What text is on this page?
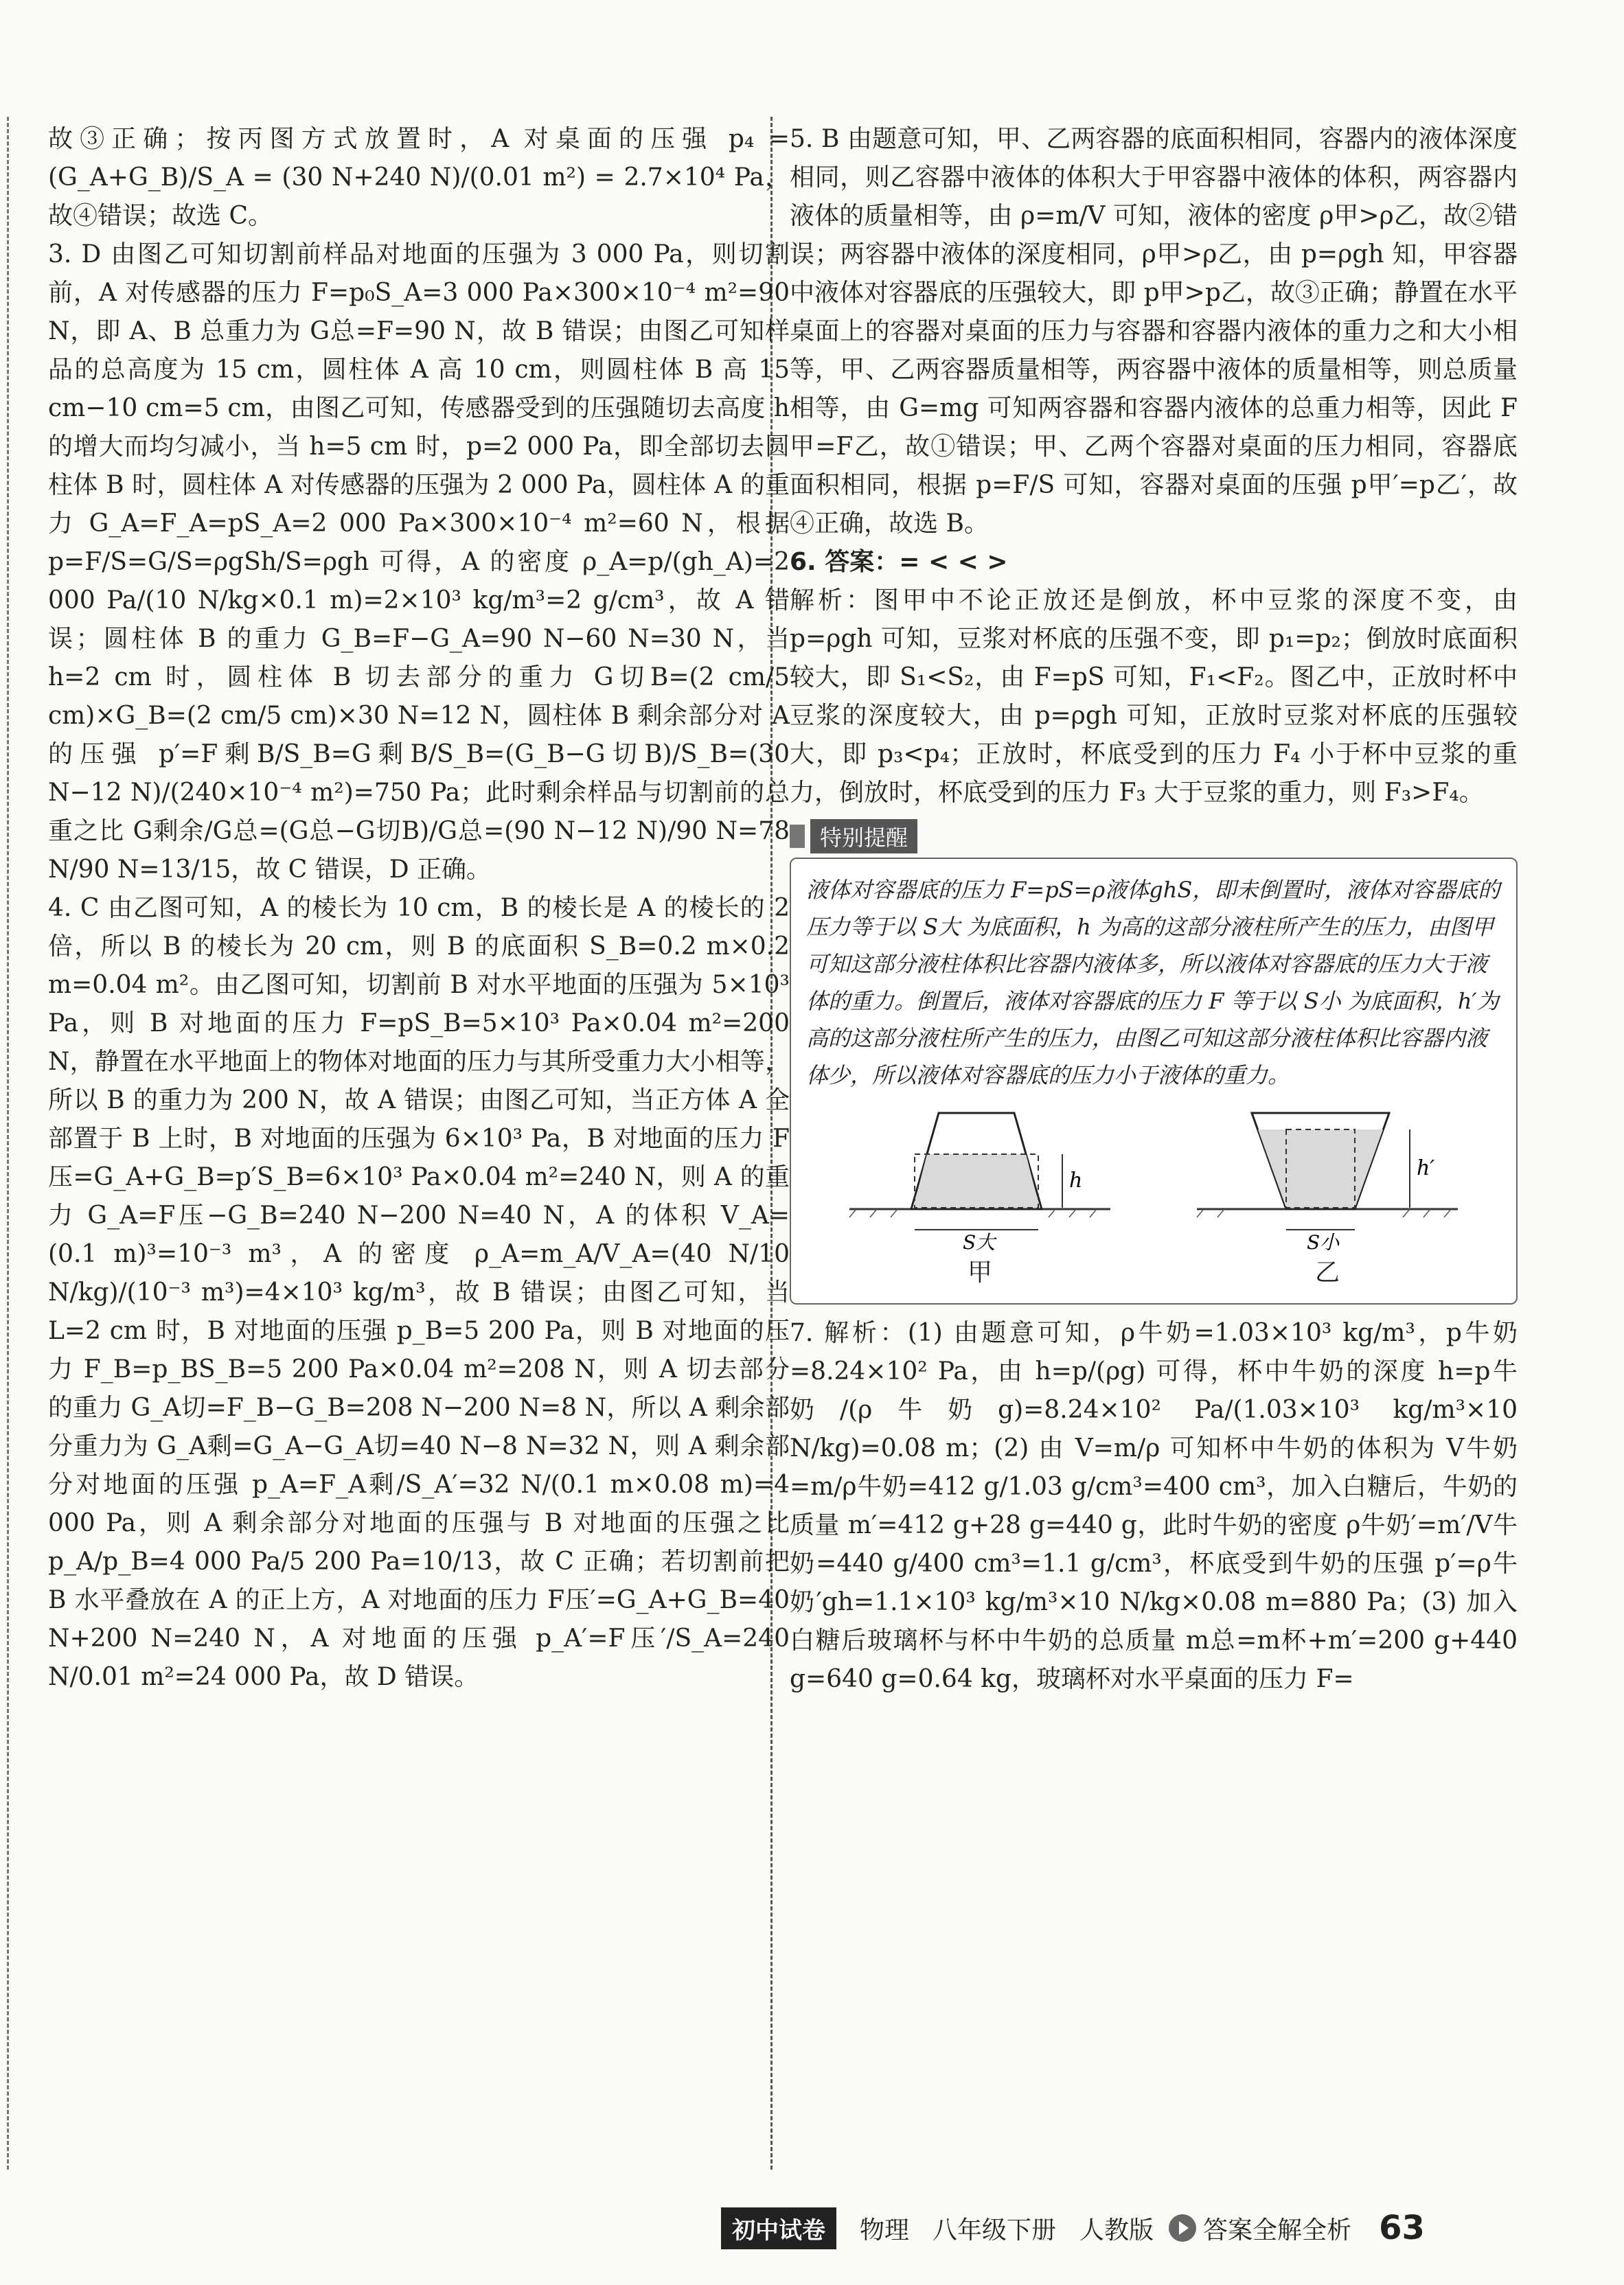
故③正确；按丙图方式放置时，A 对桌面的压强 p₄ = (G_A+G_B)/S_A = (30 N+240 N)/(0.01 m²) = 2.7×10⁴ Pa，故④错误；故选 C。

3. D 由图乙可知切割前样品对地面的压强为 3 000 Pa，则切割前，A 对传感器的压力 F=p₀S_A=3 000 Pa×300×10⁻⁴ m²=90 N，即 A、B 总重力为 G总=F=90 N，故 B 错误；由图乙可知样品的总高度为 15 cm，圆柱体 A 高 10 cm，则圆柱体 B 高 15 cm−10 cm=5 cm，由图乙可知，传感器受到的压强随切去高度 h 的增大而均匀减小，当 h=5 cm 时，p=2 000 Pa，即全部切去圆柱体 B 时，圆柱体 A 对传感器的压强为 2 000 Pa，圆柱体 A 的重力 G_A=F_A=pS_A=2 000 Pa×300×10⁻⁴ m²=60 N，根据 p=F/S=G/S=ρgSh/S=ρgh 可得，A 的密度 ρ_A=p/(gh_A)=2 000 Pa/(10 N/kg×0.1 m)=2×10³ kg/m³=2 g/cm³，故 A 错误；圆柱体 B 的重力 G_B=F−G_A=90 N−60 N=30 N，当 h=2 cm 时，圆柱体 B 切去部分的重力 G切B=(2 cm/5 cm)×G_B=(2 cm/5 cm)×30 N=12 N，圆柱体 B 剩余部分对 A 的压强 p′=F剩B/S_B=G剩B/S_B=(G_B−G切B)/S_B=(30 N−12 N)/(240×10⁻⁴ m²)=750 Pa；此时剩余样品与切割前的总重之比 G剩余/G总=(G总−G切B)/G总=(90 N−12 N)/90 N=78 N/90 N=13/15，故 C 错误，D 正确。

4. C 由乙图可知，A 的棱长为 10 cm，B 的棱长是 A 的棱长的 2 倍，所以 B 的棱长为 20 cm，则 B 的底面积 S_B=0.2 m×0.2 m=0.04 m²。由乙图可知，切割前 B 对水平地面的压强为 5×10³ Pa，则 B 对地面的压力 F=pS_B=5×10³ Pa×0.04 m²=200 N，静置在水平地面上的物体对地面的压力与其所受重力大小相等，所以 B 的重力为 200 N，故 A 错误；由图乙可知，当正方体 A 全部置于 B 上时，B 对地面的压强为 6×10³ Pa，B 对地面的压力 F压=G_A+G_B=p′S_B=6×10³ Pa×0.04 m²=240 N，则 A 的重力 G_A=F压−G_B=240 N−200 N=40 N，A 的体积 V_A=(0.1 m)³=10⁻³ m³，A 的密度 ρ_A=m_A/V_A=(40 N/10 N/kg)/(10⁻³ m³)=4×10³ kg/m³，故 B 错误；由图乙可知，当 L=2 cm 时，B 对地面的压强 p_B=5 200 Pa，则 B 对地面的压力 F_B=p_BS_B=5 200 Pa×0.04 m²=208 N，则 A 切去部分的重力 G_A切=F_B−G_B=208 N−200 N=8 N，所以 A 剩余部分重力为 G_A剩=G_A−G_A切=40 N−8 N=32 N，则 A 剩余部分对地面的压强 p_A=F_A剩/S_A′=32 N/(0.1 m×0.08 m)=4 000 Pa，则 A 剩余部分对地面的压强与 B 对地面的压强之比 p_A/p_B=4 000 Pa/5 200 Pa=10/13，故 C 正确；若切割前把 B 水平叠放在 A 的正上方，A 对地面的压力 F压′=G_A+G_B=40 N+200 N=240 N，A 对地面的压强 p_A′=F压′/S_A=240 N/0.01 m²=24 000 Pa，故 D 错误。

5. B 由题意可知，甲、乙两容器的底面积相同，容器内的液体深度相同，则乙容器中液体的体积大于甲容器中液体的体积，两容器内液体的质量相等，由 ρ=m/V 可知，液体的密度 ρ甲>ρ乙，故②错误；两容器中液体的深度相同，ρ甲>ρ乙，由 p=ρgh 知，甲容器中液体对容器底的压强较大，即 p甲>p乙，故③正确；静置在水平桌面上的容器对桌面的压力与容器和容器内液体的重力之和大小相等，甲、乙两容器质量相等，两容器中液体的质量相等，则总质量相等，由 G=mg 可知两容器和容器内液体的总重力相等，因此 F甲=F乙，故①错误；甲、乙两个容器对桌面的压力相同，容器底面积相同，根据 p=F/S 可知，容器对桌面的压强 p甲′=p乙′，故④正确，故选 B。

6. 答案：= < < >

解析：图甲中不论正放还是倒放，杯中豆浆的深度不变，由 p=ρgh 可知，豆浆对杯底的压强不变，即 p₁=p₂；倒放时底面积较大，即 S₁<S₂，由 F=pS 可知，F₁<F₂。图乙中，正放时杯中豆浆的深度较大，由 p=ρgh 可知，正放时豆浆对杯底的压强较大，即 p₃<p₄；正放时，杯底受到的压力 F₄ 小于杯中豆浆的重力，倒放时，杯底受到的压力 F₃ 大于豆浆的重力，则 F₃>F₄。

特别提醒

液体对容器底的压力 F=pS=ρ液体ghS，即未倒置时，液体对容器底的压力等于以 S大 为底面积，h 为高的这部分液柱所产生的压力，由图甲可知这部分液柱体积比容器内液体多，所以液体对容器底的压力大于液体的重力。倒置后，液体对容器底的压力 F 等于以 S小 为底面积，h′为高的这部分液柱所产生的压力，由图乙可知这部分液柱体积比容器内液体少，所以液体对容器底的压力小于液体的重力。

h
S大
甲
h′
S小
乙

7. 解析：(1) 由题意可知，ρ牛奶=1.03×10³ kg/m³，p牛奶=8.24×10² Pa，由 h=p/(ρg) 可得，杯中牛奶的深度 h=p牛奶/(ρ牛奶g)=8.24×10² Pa/(1.03×10³ kg/m³×10 N/kg)=0.08 m；(2) 由 V=m/ρ 可知杯中牛奶的体积为 V牛奶=m/ρ牛奶=412 g/1.03 g/cm³=400 cm³，加入白糖后，牛奶的质量 m′=412 g+28 g=440 g，此时牛奶的密度 ρ牛奶′=m′/V牛奶=440 g/400 cm³=1.1 g/cm³，杯底受到牛奶的压强 p′=ρ牛奶′gh=1.1×10³ kg/m³×10 N/kg×0.08 m=880 Pa；(3) 加入白糖后玻璃杯与杯中牛奶的总质量 m总=m杯+m′=200 g+440 g=640 g=0.64 kg，玻璃杯对水平桌面的压力 F=

初中试卷	物理 八年级下册 人教版 答案全解全析 63
